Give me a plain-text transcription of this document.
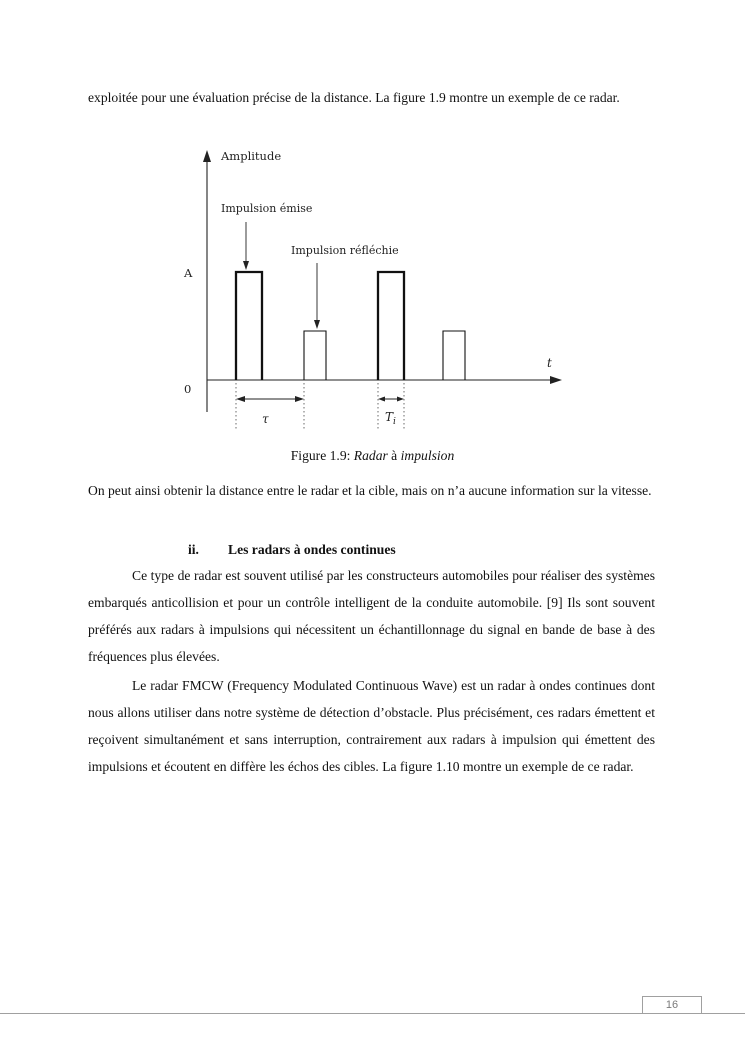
exploitée pour une évaluation précise de la distance. La figure 1.9 montre un exemple de ce radar.

Amplitude
t
A
0
Impulsion émise
Impulsion réfléchie
τ	$T_i$
Figure 1.9: Radar à impulsion

On peut ainsi obtenir la distance entre le radar et la cible, mais on n’a aucune information sur la vitesse.

ii. Les radars à ondes continues

Ce type de radar est souvent utilisé par les constructeurs automobiles pour réaliser des systèmes embarqués anticollision et pour un contrôle intelligent de la conduite automobile. [9] Ils sont souvent préférés aux radars à impulsions qui nécessitent un échantillonnage du signal en bande de base à des fréquences plus élevées.

Le radar FMCW (Frequency Modulated Continuous Wave) est un radar à ondes continues dont nous allons utiliser dans notre système de détection d’obstacle. Plus précisément, ces radars émettent et reçoivent simultanément et sans interruption, contrairement aux radars à impulsion qui émettent des impulsions et écoutent en diffère les échos des cibles. La figure 1.10 montre un exemple de ce radar.

16
